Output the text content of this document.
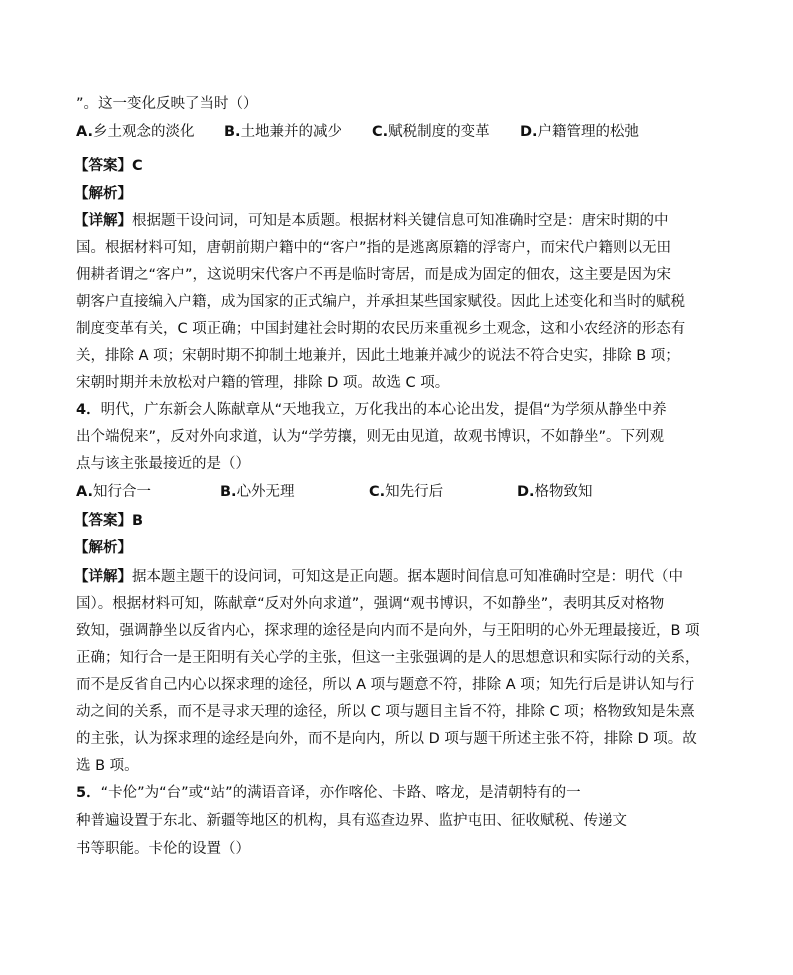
”。这一变化反映了当时（）
A.乡土观念的淡化 B.土地兼并的减少 C.赋税制度的变革 D.户籍管理的松弛
【答案】C
【解析】
【详解】根据题干设问词，可知是本质题。根据材料关键信息可知准确时空是：唐宋时期的中
国。根据材料可知，唐朝前期户籍中的“客户”指的是逃离原籍的浮寄户，而宋代户籍则以无田
佣耕者谓之“客户”，这说明宋代客户不再是临时寄居，而是成为固定的佃农，这主要是因为宋
朝客户直接编入户籍，成为国家的正式编户，并承担某些国家赋役。因此上述变化和当时的赋税
制度变革有关，C 项正确；中国封建社会时期的农民历来重视乡土观念，这和小农经济的形态有
关，排除 A 项；宋朝时期不抑制土地兼并，因此土地兼并减少的说法不符合史实，排除 B 项；
宋朝时期并未放松对户籍的管理，排除 D 项。故选 C 项。
4．明代，广东新会人陈献章从“天地我立，万化我出的本心论出发，提倡“为学须从静坐中养
出个端倪来”，反对外向求道，认为“学劳攘，则无由见道，故观书博识，不如静坐”。下列观
点与该主张最接近的是（）
A.知行合一	B.心外无理	C.知先行后	D.格物致知
【答案】B
【解析】
【详解】据本题主题干的设问词，可知这是正向题。据本题时间信息可知准确时空是：明代（中
国）。根据材料可知，陈献章“反对外向求道”，强调“观书博识，不如静坐”，表明其反对格物
致知，强调静坐以反省内心，探求理的途径是向内而不是向外，与王阳明的心外无理最接近，B 项
正确；知行合一是王阳明有关心学的主张，但这一主张强调的是人的思想意识和实际行动的关系，
而不是反省自己内心以探求理的途径，所以 A 项与题意不符，排除 A 项；知先行后是讲认知与行
动之间的关系，而不是寻求天理的途径，所以 C 项与题目主旨不符，排除 C 项；格物致知是朱熹
的主张，认为探求理的途经是向外，而不是向内，所以 D 项与题干所述主张不符，排除 D 项。故
选 B 项。
5．“卡伦”为“台”或“站”的满语音译，亦作喀伦、卡路、喀龙，是清朝特有的一
种普遍设置于东北、新疆等地区的机构，具有巡查边界、监护屯田、征收赋税、传递文
书等职能。卡伦的设置（）
